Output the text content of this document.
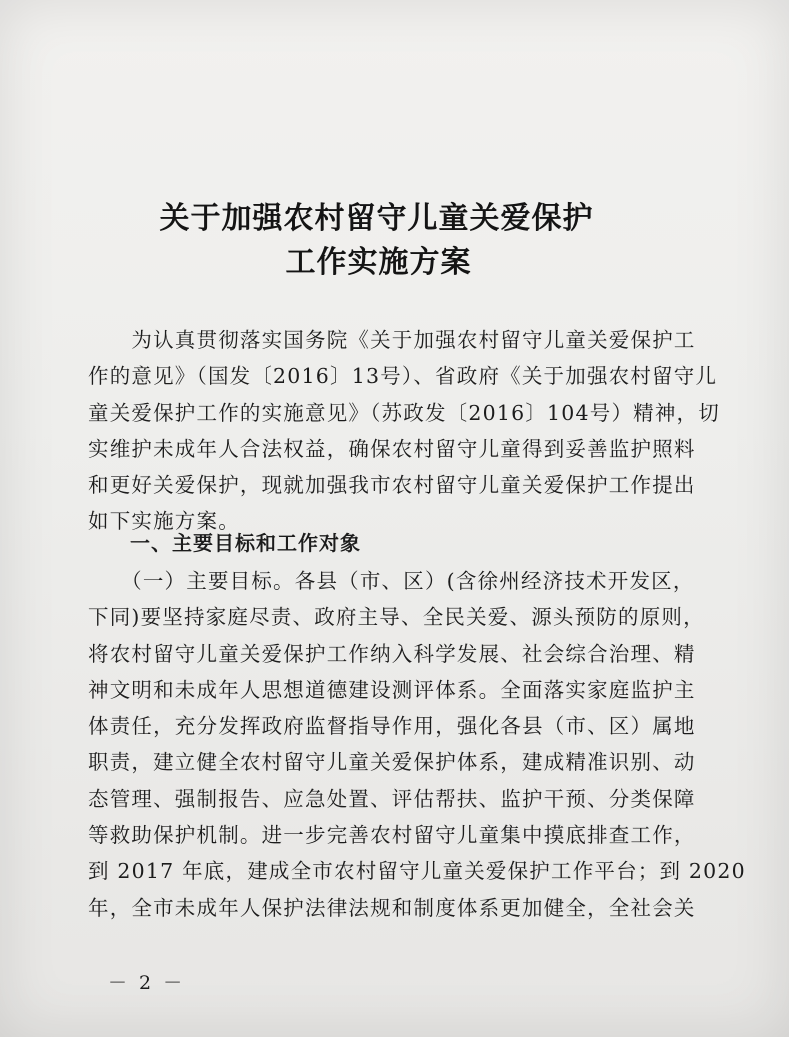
关于加强农村留守儿童关爱保护
工作实施方案
　　为认真贯彻落实国务院《关于加强农村留守儿童关爱保护工
作的意见》（国发〔2016〕13号）、省政府《关于加强农村留守儿
童关爱保护工作的实施意见》（苏政发〔2016〕104号）精神，切
实维护未成年人合法权益，确保农村留守儿童得到妥善监护照料
和更好关爱保护，现就加强我市农村留守儿童关爱保护工作提出
如下实施方案。
一、主要目标和工作对象
　　（一）主要目标。各县（市、区）(含徐州经济技术开发区，
下同)要坚持家庭尽责、政府主导、全民关爱、源头预防的原则，
将农村留守儿童关爱保护工作纳入科学发展、社会综合治理、精
神文明和未成年人思想道德建设测评体系。全面落实家庭监护主
体责任，充分发挥政府监督指导作用，强化各县（市、区）属地
职责，建立健全农村留守儿童关爱保护体系，建成精准识别、动
态管理、强制报告、应急处置、评估帮扶、监护干预、分类保障
等救助保护机制。进一步完善农村留守儿童集中摸底排查工作，
到 2017 年底，建成全市农村留守儿童关爱保护工作平台；到 2020
年，全市未成年人保护法律法规和制度体系更加健全，全社会关
－ 2 －
